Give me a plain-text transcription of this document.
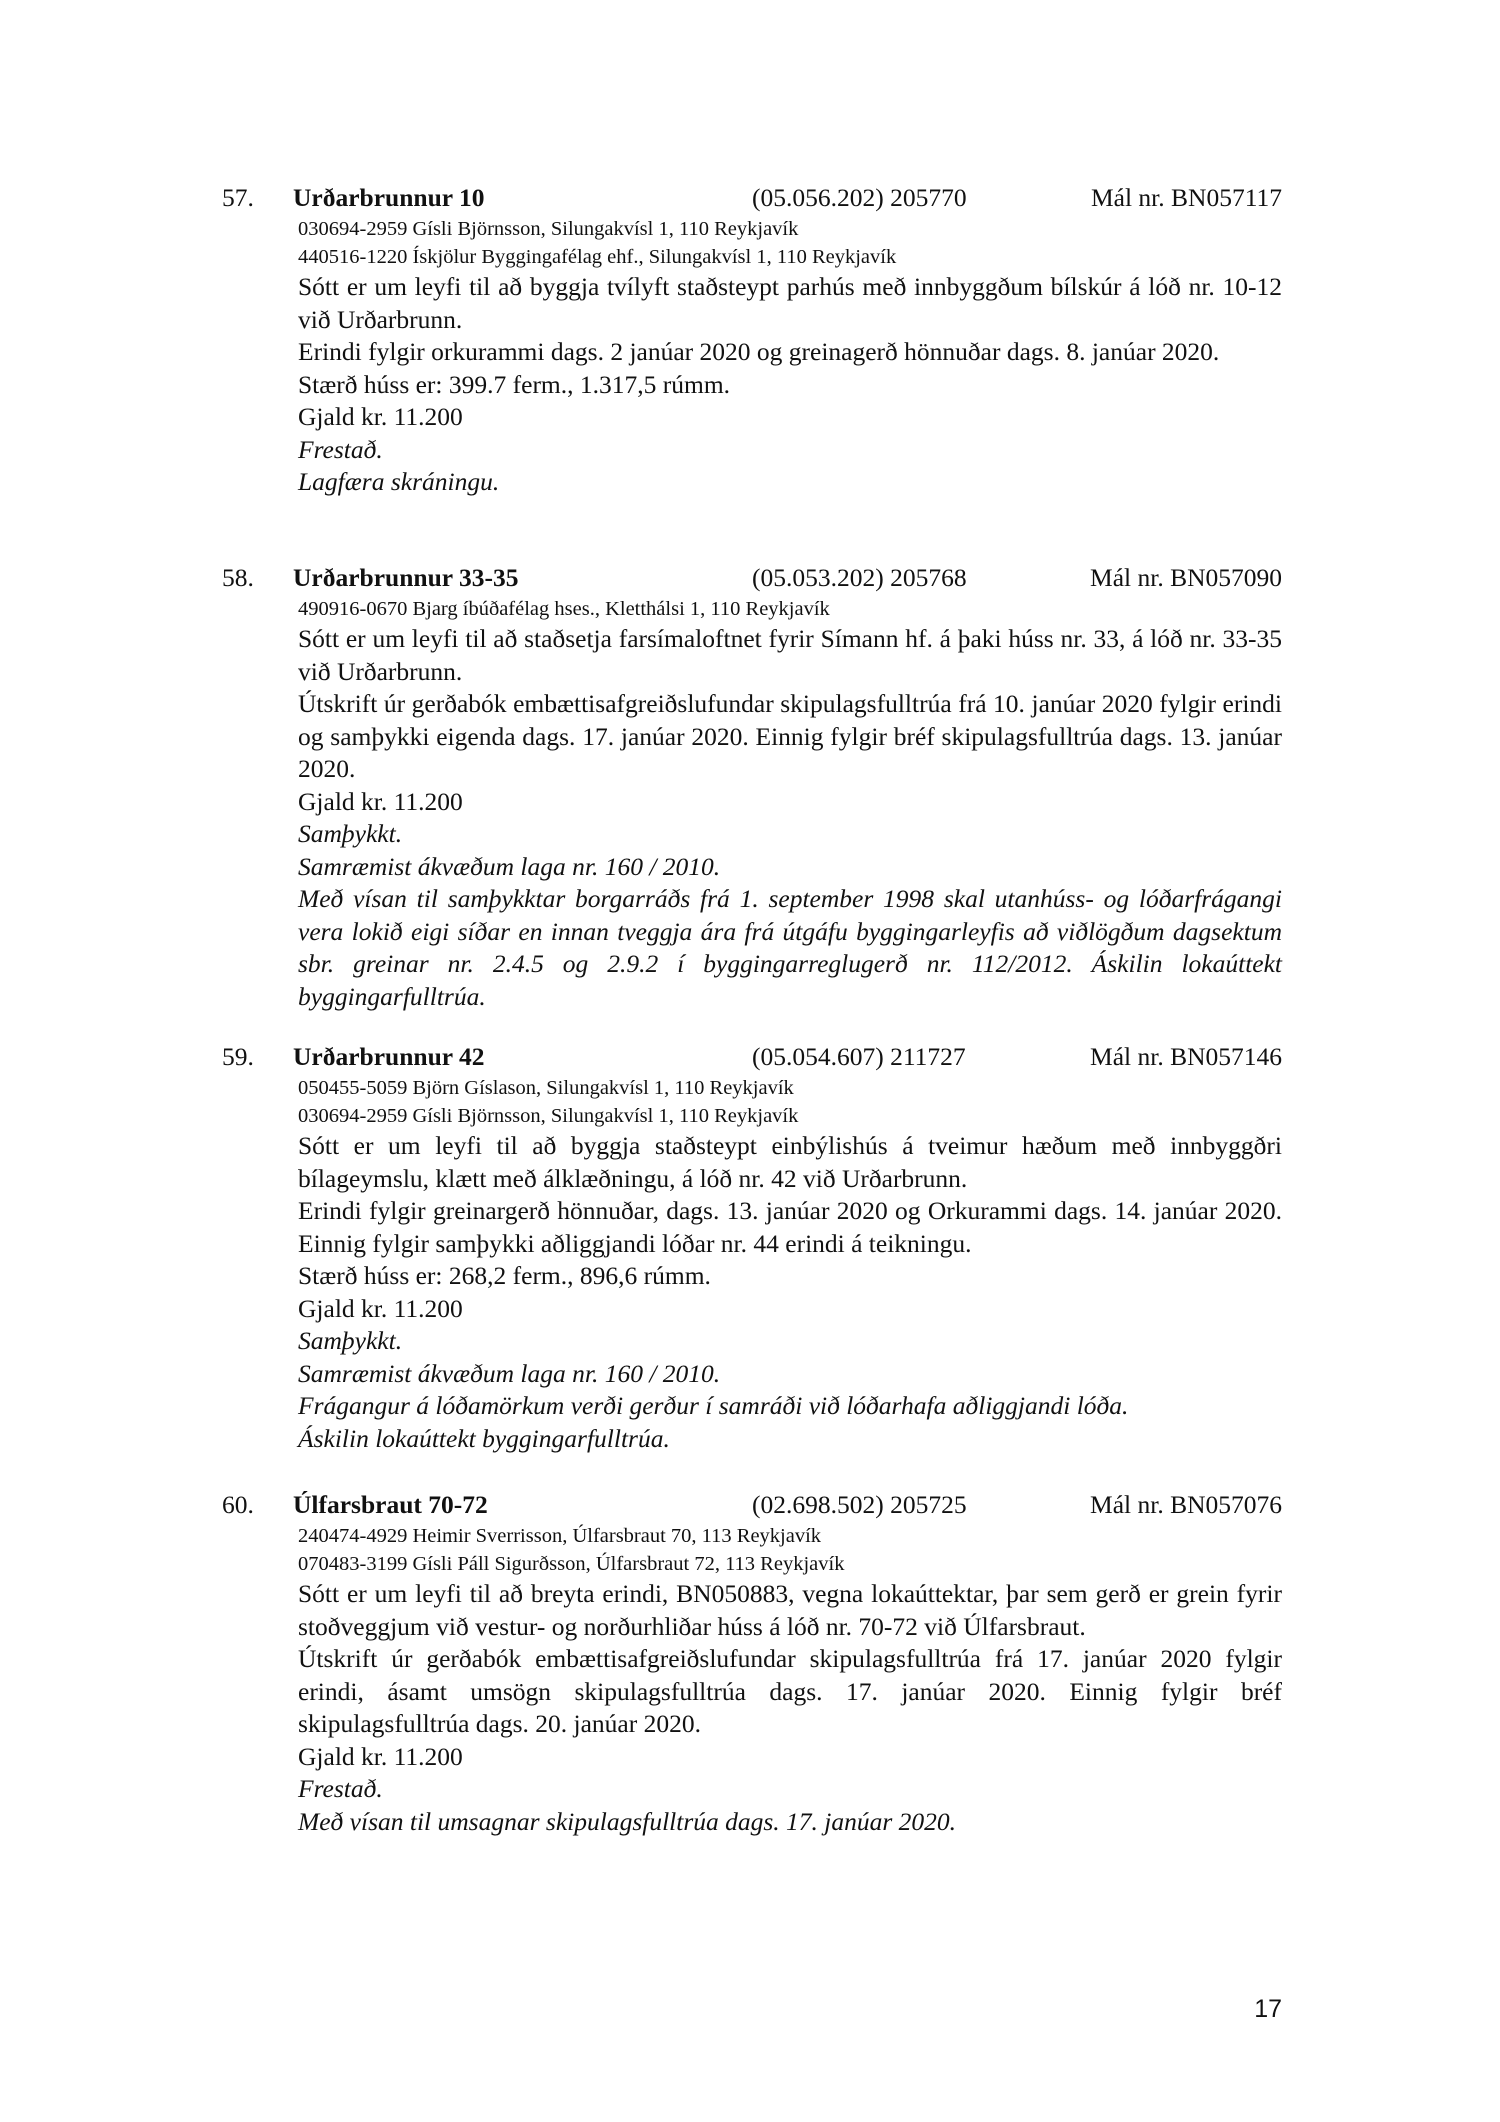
57. Urðarbrunnur 10	(05.056.202) 205770	Mál nr. BN057117
030694-2959 Gísli Björnsson, Silungakvísl 1, 110 Reykjavík
440516-1220 Ískjölur Byggingafélag ehf., Silungakvísl 1, 110 Reykjavík
Sótt er um leyfi til að byggja tvílyft staðsteypt parhús með innbyggðum bílskúr á lóð nr. 10-12 við Urðarbrunn.
Erindi fylgir orkurammi dags. 2 janúar 2020 og greinagerð hönnuðar dags. 8. janúar 2020.
Stærð húss er: 399.7 ferm., 1.317,5 rúmm.
Gjald kr. 11.200
Frestað.
Lagfæra skráningu.
58. Urðarbrunnur 33-35	(05.053.202) 205768	Mál nr. BN057090
490916-0670 Bjarg íbúðafélag hses., Kletthálsi 1, 110 Reykjavík
Sótt er um leyfi til að staðsetja farsímaloftnet fyrir Símann hf. á þaki húss nr. 33, á lóð nr. 33-35 við Urðarbrunn.
Útskrift úr gerðabók embættisafgreiðslufundar skipulagsfulltrúa frá 10. janúar 2020 fylgir erindi og samþykki eigenda dags. 17. janúar 2020. Einnig fylgir bréf skipulagsfulltrúa dags. 13. janúar 2020.
Gjald kr. 11.200
Samþykkt.
Samræmist ákvæðum laga nr. 160 / 2010.
Með vísan til samþykktar borgarráðs frá 1. september 1998 skal utanhúss- og lóðarfrágangi vera lokið eigi síðar en innan tveggja ára frá útgáfu byggingarleyfis að viðlögðum dagsektum sbr. greinar nr. 2.4.5 og 2.9.2 í byggingarreglugerð nr. 112/2012. Áskilin lokaúttekt byggingarfulltrúa.
59. Urðarbrunnur 42	(05.054.607) 211727	Mál nr. BN057146
050455-5059 Björn Gíslason, Silungakvísl 1, 110 Reykjavík
030694-2959 Gísli Björnsson, Silungakvísl 1, 110 Reykjavík
Sótt er um leyfi til að byggja staðsteypt einbýlishús á tveimur hæðum með innbyggðri bílageymslu, klætt með álklæðningu, á lóð nr. 42 við Urðarbrunn.
Erindi fylgir greinargerð hönnuðar, dags. 13. janúar 2020 og Orkurammi dags. 14. janúar 2020. Einnig fylgir samþykki aðliggjandi lóðar nr. 44 erindi á teikningu.
Stærð húss er: 268,2 ferm., 896,6 rúmm.
Gjald kr. 11.200
Samþykkt.
Samræmist ákvæðum laga nr. 160 / 2010.
Frágangur á lóðamörkum verði gerður í samráði við lóðarhafa aðliggjandi lóða.
Áskilin lokaúttekt byggingarfulltrúa.
60. Úlfarsbraut 70-72	(02.698.502) 205725	Mál nr. BN057076
240474-4929 Heimir Sverrisson, Úlfarsbraut 70, 113 Reykjavík
070483-3199 Gísli Páll Sigurðsson, Úlfarsbraut 72, 113 Reykjavík
Sótt er um leyfi til að breyta erindi, BN050883, vegna lokaúttektar, þar sem gerð er grein fyrir stoðveggjum við vestur- og norðurhliðar húss á lóð nr. 70-72 við Úlfarsbraut.
Útskrift úr gerðabók embættisafgreiðslufundar skipulagsfulltrúa frá 17. janúar 2020 fylgir erindi, ásamt umsögn skipulagsfulltrúa dags. 17. janúar 2020. Einnig fylgir bréf skipulagsfulltrúa dags. 20. janúar 2020.
Gjald kr. 11.200
Frestað.
Með vísan til umsagnar skipulagsfulltrúa dags. 17. janúar 2020.
17
